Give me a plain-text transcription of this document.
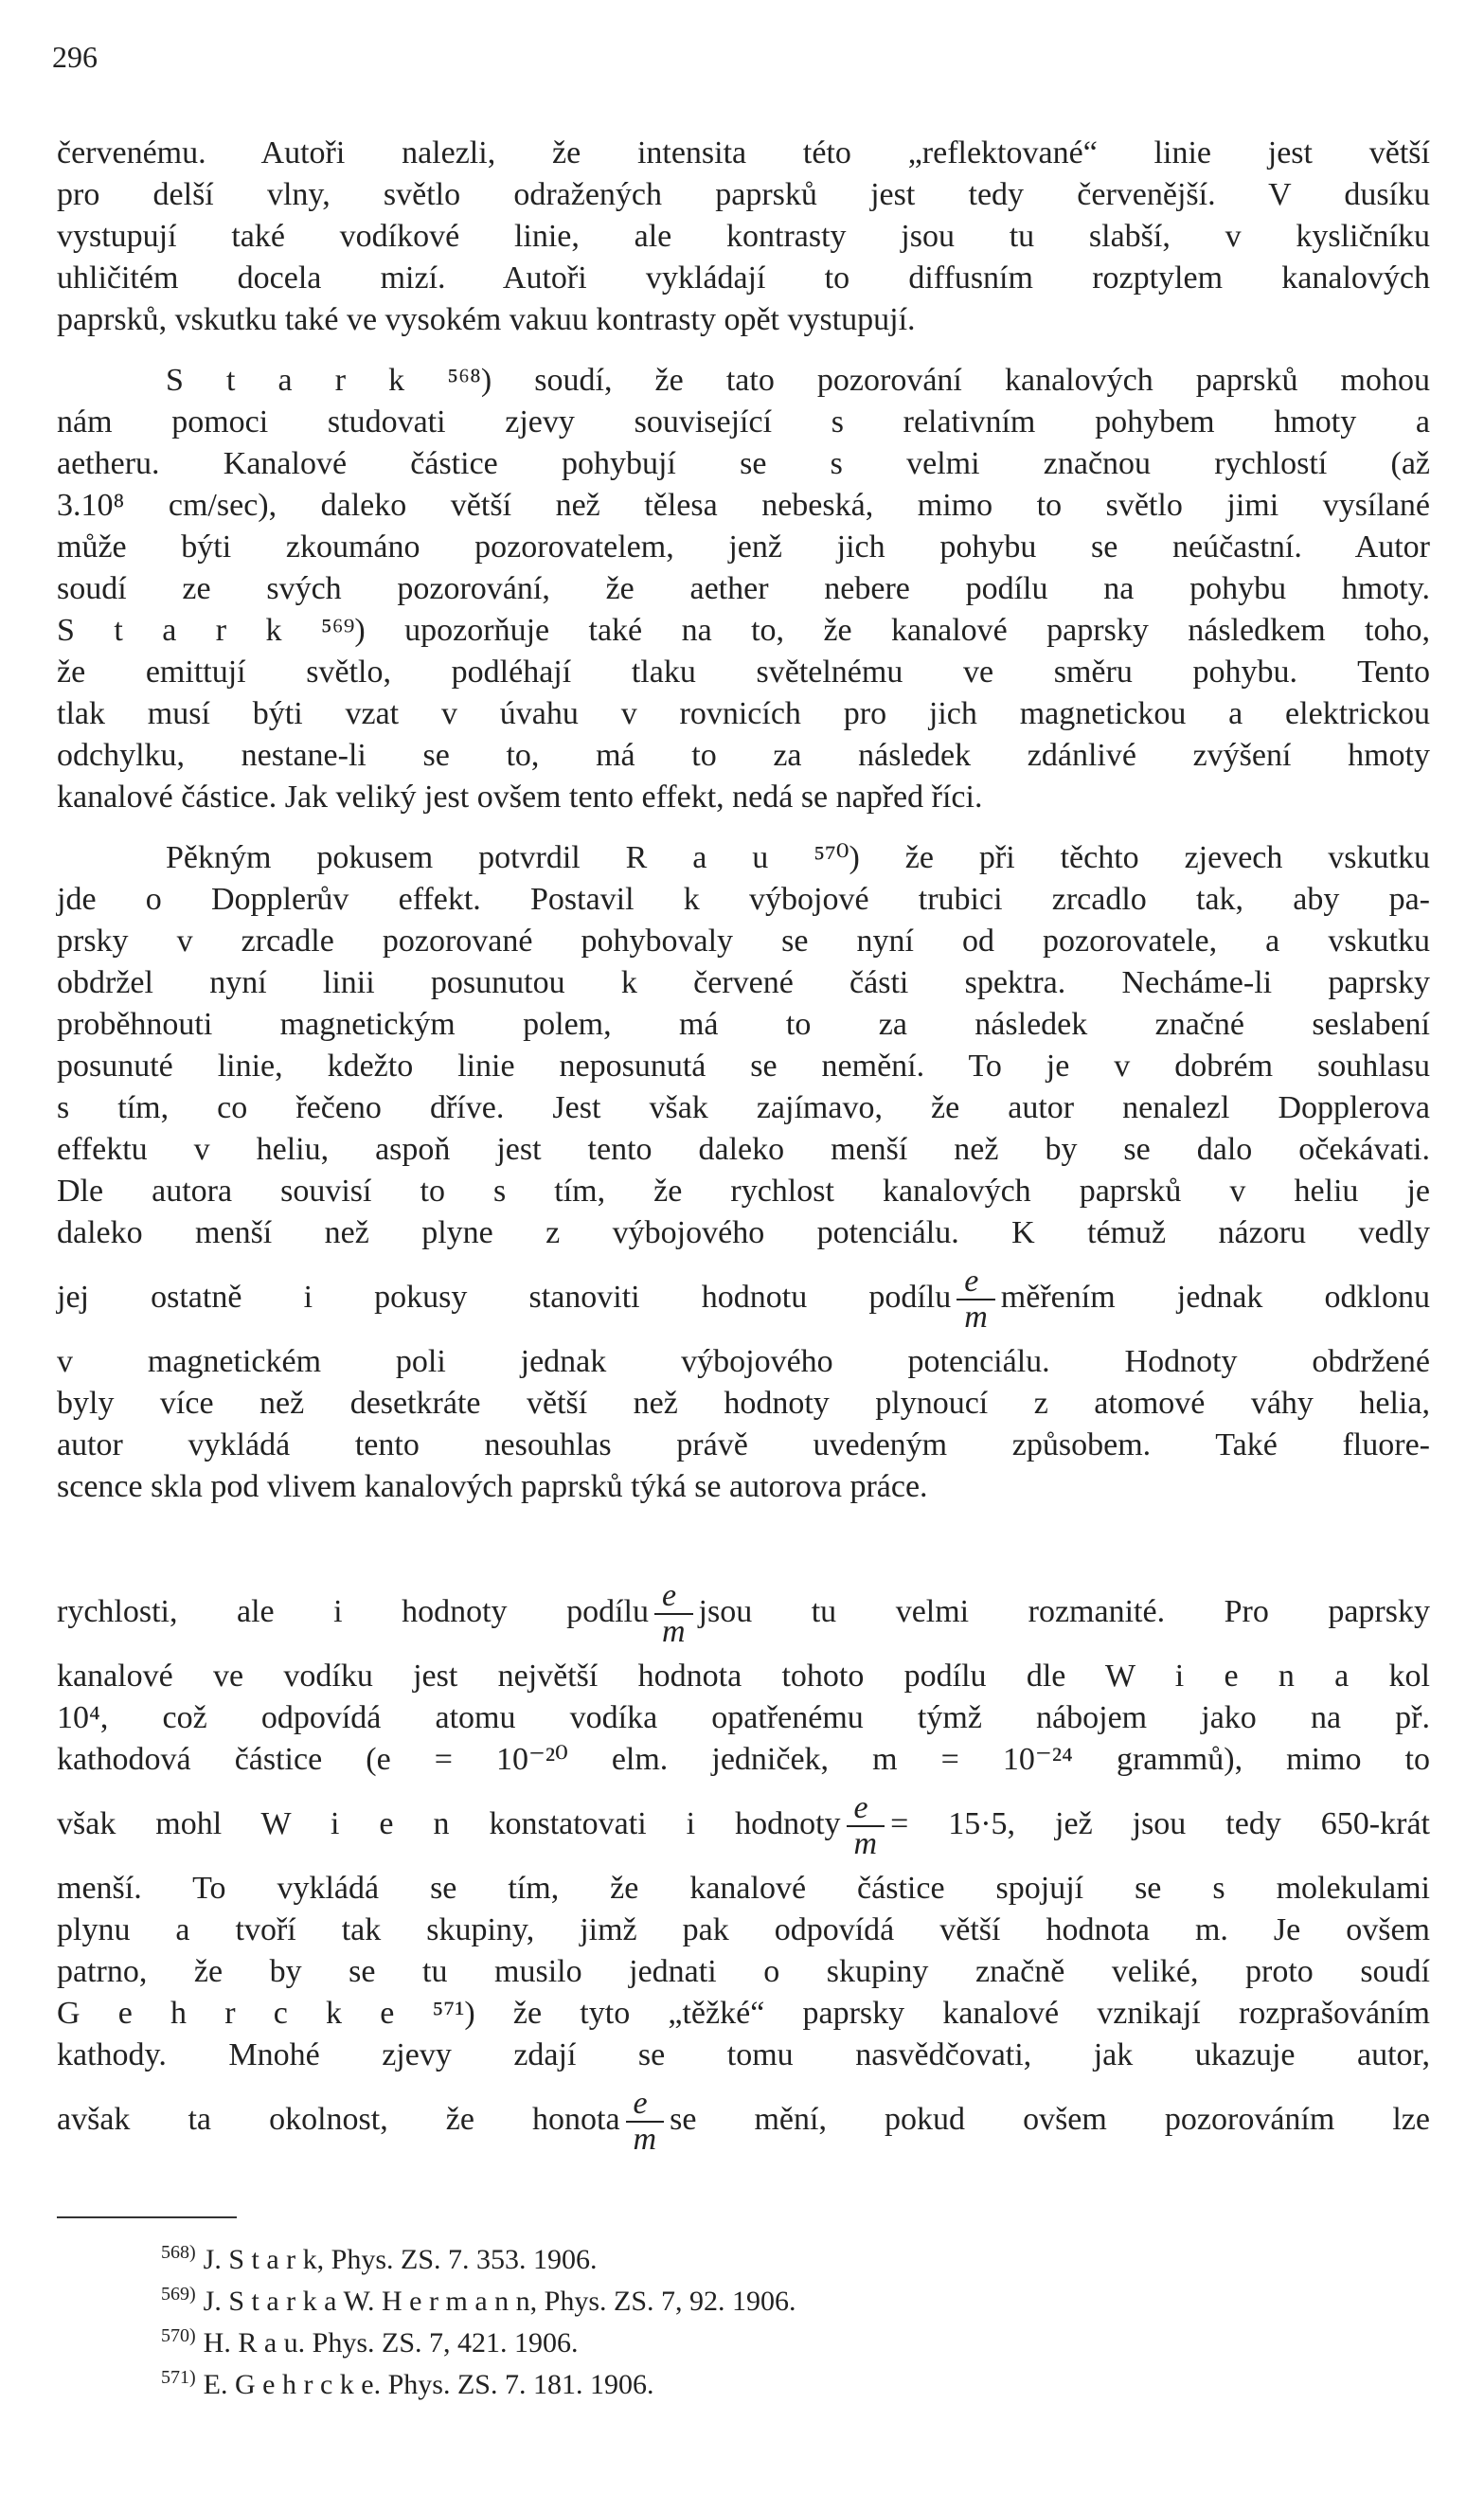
296
červenému. Autoři nalezli, že intensita této „reflektované“ linie jest větší
pro delší vlny, světlo odražených paprsků jest tedy červenější. V dusíku
vystupují také vodíkové linie, ale kontrasty jsou tu slabší, v kysličníku
uhličitém docela mizí. Autoři vykládají to diffusním rozptylem kanalových
paprsků, vskutku také ve vysokém vakuu kontrasty opět vystupují.
S t a r k ⁵⁶⁸) soudí, že tato pozorování kanalových paprsků mohou
nám pomoci studovati zjevy související s relativním pohybem hmoty a
aetheru. Kanalové částice pohybují se s velmi značnou rychlostí (až
3.10⁸ cm/sec), daleko větší než tělesa nebeská, mimo to světlo jimi vysílané
může býti zkoumáno pozorovatelem, jenž jich pohybu se neúčastní. Autor
soudí ze svých pozorování, že aether nebere podílu na pohybu hmoty.
S t a r k ⁵⁶⁹) upozorňuje také na to, že kanalové paprsky následkem toho,
že emittují světlo, podléhají tlaku světelnému ve směru pohybu. Tento
tlak musí býti vzat v úvahu v rovnicích pro jich magnetickou a elektrickou
odchylku, nestane-li se to, má to za následek zdánlivé zvýšení hmoty
kanalové částice. Jak veliký jest ovšem tento effekt, nedá se napřed říci.
Pěkným pokusem potvrdil R a u ⁵⁷⁰) že při těchto zjevech vskutku
jde o Dopplerův effekt. Postavil k výbojové trubici zrcadlo tak, aby pa-
prsky v zrcadle pozorované pohybovaly se nyní od pozorovatele, a vskutku
obdržel nyní linii posunutou k červené části spektra. Necháme-li paprsky
proběhnouti magnetickým polem, má to za následek značné seslabení
posunuté linie, kdežto linie neposunutá se nemění. To je v dobrém souhlasu
s tím, co řečeno dříve. Jest však zajímavo, že autor nenalezl Dopplerova
effektu v heliu, aspoň jest tento daleko menší než by se dalo očekávati.
Dle autora souvisí to s tím, že rychlost kanalových paprsků v heliu je
daleko menší než plyne z výbojového potenciálu. K témuž názoru vedly
jej ostatně i pokusy stanoviti hodnotu podílu $\frac{e}{m}$ měřením jednak odklonu
v magnetickém poli jednak výbojového potenciálu. Hodnoty obdržené
byly více než desetkráte větší než hodnoty plynoucí z atomové váhy helia,
autor vykládá tento nesouhlas právě uvedeným způsobem. Také fluore-
scence skla pod vlivem kanalových paprsků týká se autorova práce.
rychlosti, ale i hodnoty podílu $\frac{e}{m}$ jsou tu velmi rozmanité. Pro paprsky
kanalové ve vodíku jest největší hodnota tohoto podílu dle W i e n a kol
10⁴, což odpovídá atomu vodíka opatřenému týmž nábojem jako na př.
kathodová částice (e = 10⁻²⁰ elm. jedniček, m = 10⁻²⁴ grammů), mimo to
však mohl W i e n konstatovati i hodnoty $\frac{e}{m} = 15\cdot 5$, jež jsou tedy 650-krát
menší. To vykládá se tím, že kanalové částice spojují se s molekulami
plynu a tvoří tak skupiny, jimž pak odpovídá větší hodnota m. Je ovšem
patrno, že by se tu musilo jednati o skupiny značně veliké, proto soudí
G e h r c k e ⁵⁷¹) že tyto „těžké“ paprsky kanalové vznikají rozprašováním
kathody. Mnohé zjevy zdají se tomu nasvědčovati, jak ukazuje autor,
avšak ta okolnost, že honota $\frac{e}{m}$ se mění, pokud ovšem pozorováním lze
$^{568)}$ J. S t a r k, Phys. ZS. 7. 353. 1906.
$^{569)}$ J. S t a r k a W. H e r m a n n, Phys. ZS. 7, 92. 1906.
$^{570)}$ H. R a u. Phys. ZS. 7, 421. 1906.
$^{571)}$ E. G e h r c k e. Phys. ZS. 7. 181. 1906.
